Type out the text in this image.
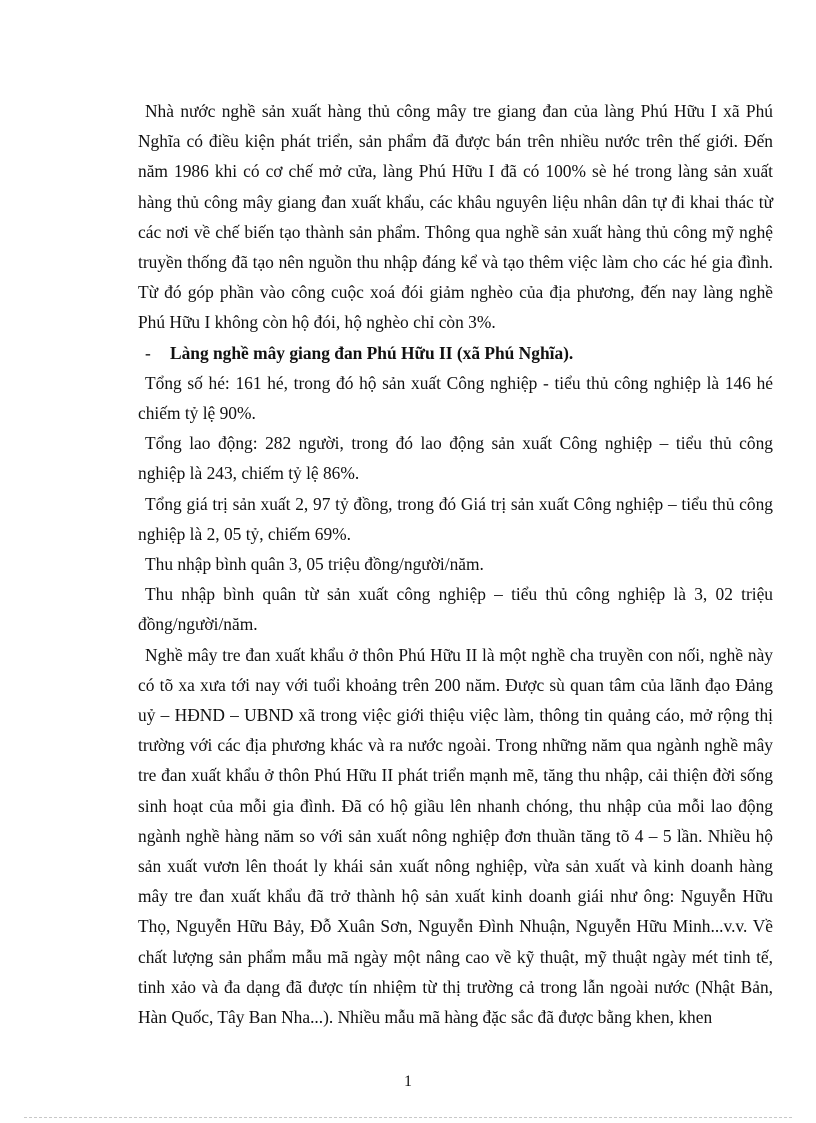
Nhà nước nghề sản xuất hàng thủ công mây tre giang đan của làng Phú Hữu I xã Phú Nghĩa có điều kiện phát triển, sản phẩm đã được bán trên nhiều nước trên thế giới. Đến năm 1986 khi có cơ chế mở cửa, làng Phú Hữu I đã có 100% sè hé trong làng sản xuất hàng thủ công mây giang đan xuất khẩu, các khâu nguyên liệu nhân dân tự đi khai thác từ các nơi về chế biến tạo thành sản phẩm. Thông qua nghề sản xuất hàng thủ công mỹ nghệ truyền thống đã tạo nên nguồn thu nhập đáng kể và tạo thêm việc làm cho các hé gia đình. Từ đó góp phần vào công cuộc xoá đói giảm nghèo của địa phương, đến nay làng nghề Phú Hữu I không còn hộ đói, hộ nghèo chỉ còn 3%.

- Làng nghề mây giang đan Phú Hữu II (xã Phú Nghĩa).

Tổng số hé: 161 hé, trong đó hộ sản xuất Công nghiệp - tiểu thủ công nghiệp là 146 hé chiếm tỷ lệ 90%.

Tổng lao động: 282 người, trong đó lao động sản xuất Công nghiệp – tiểu thủ công nghiệp là 243, chiếm tỷ lệ 86%.

Tổng giá trị sản xuất 2, 97 tỷ đồng, trong đó Giá trị sản xuất Công nghiệp – tiểu thủ công nghiệp là 2, 05 tỷ, chiếm 69%.

Thu nhập bình quân 3, 05 triệu đồng/người/năm.

Thu nhập bình quân từ sản xuất công nghiệp – tiểu thủ công nghiệp là 3, 02 triệu đồng/người/năm.

Nghề mây tre đan xuất khẩu ở thôn Phú Hữu II là một nghề cha truyền con nối, nghề này có tõ xa xưa tới nay với tuổi khoảng trên 200 năm. Được sù quan tâm của lãnh đạo Đảng uỷ – HĐND – UBND xã trong việc giới thiệu việc làm, thông tin quảng cáo, mở rộng thị trường với các địa phương khác và ra nước ngoài. Trong những năm qua ngành nghề mây tre đan xuất khẩu ở thôn Phú Hữu II phát triển mạnh mẽ, tăng thu nhập, cải thiện đời sống sinh hoạt của mỗi gia đình. Đã có hộ giầu lên nhanh chóng, thu nhập của mỗi lao động ngành nghề hàng năm so với sản xuất nông nghiệp đơn thuần tăng tõ 4 – 5 lần. Nhiều hộ sản xuất vươn lên thoát ly khái sản xuất nông nghiệp, vừa sản xuất và kinh doanh hàng mây tre đan xuất khẩu đã trở thành hộ sản xuất kinh doanh giái như ông: Nguyễn Hữu Thọ, Nguyễn Hữu Bảy, Đỗ Xuân Sơn, Nguyễn Đình Nhuận, Nguyễn Hữu Minh...v.v. Về chất lượng sản phẩm mẫu mã ngày một nâng cao về kỹ thuật, mỹ thuật ngày mét tinh tế, tinh xảo và đa dạng đã được tín nhiệm từ thị trường cả trong lẫn ngoài nước (Nhật Bản, Hàn Quốc, Tây Ban Nha...). Nhiều mẫu mã hàng đặc sắc đã được bằng khen, khen

1
